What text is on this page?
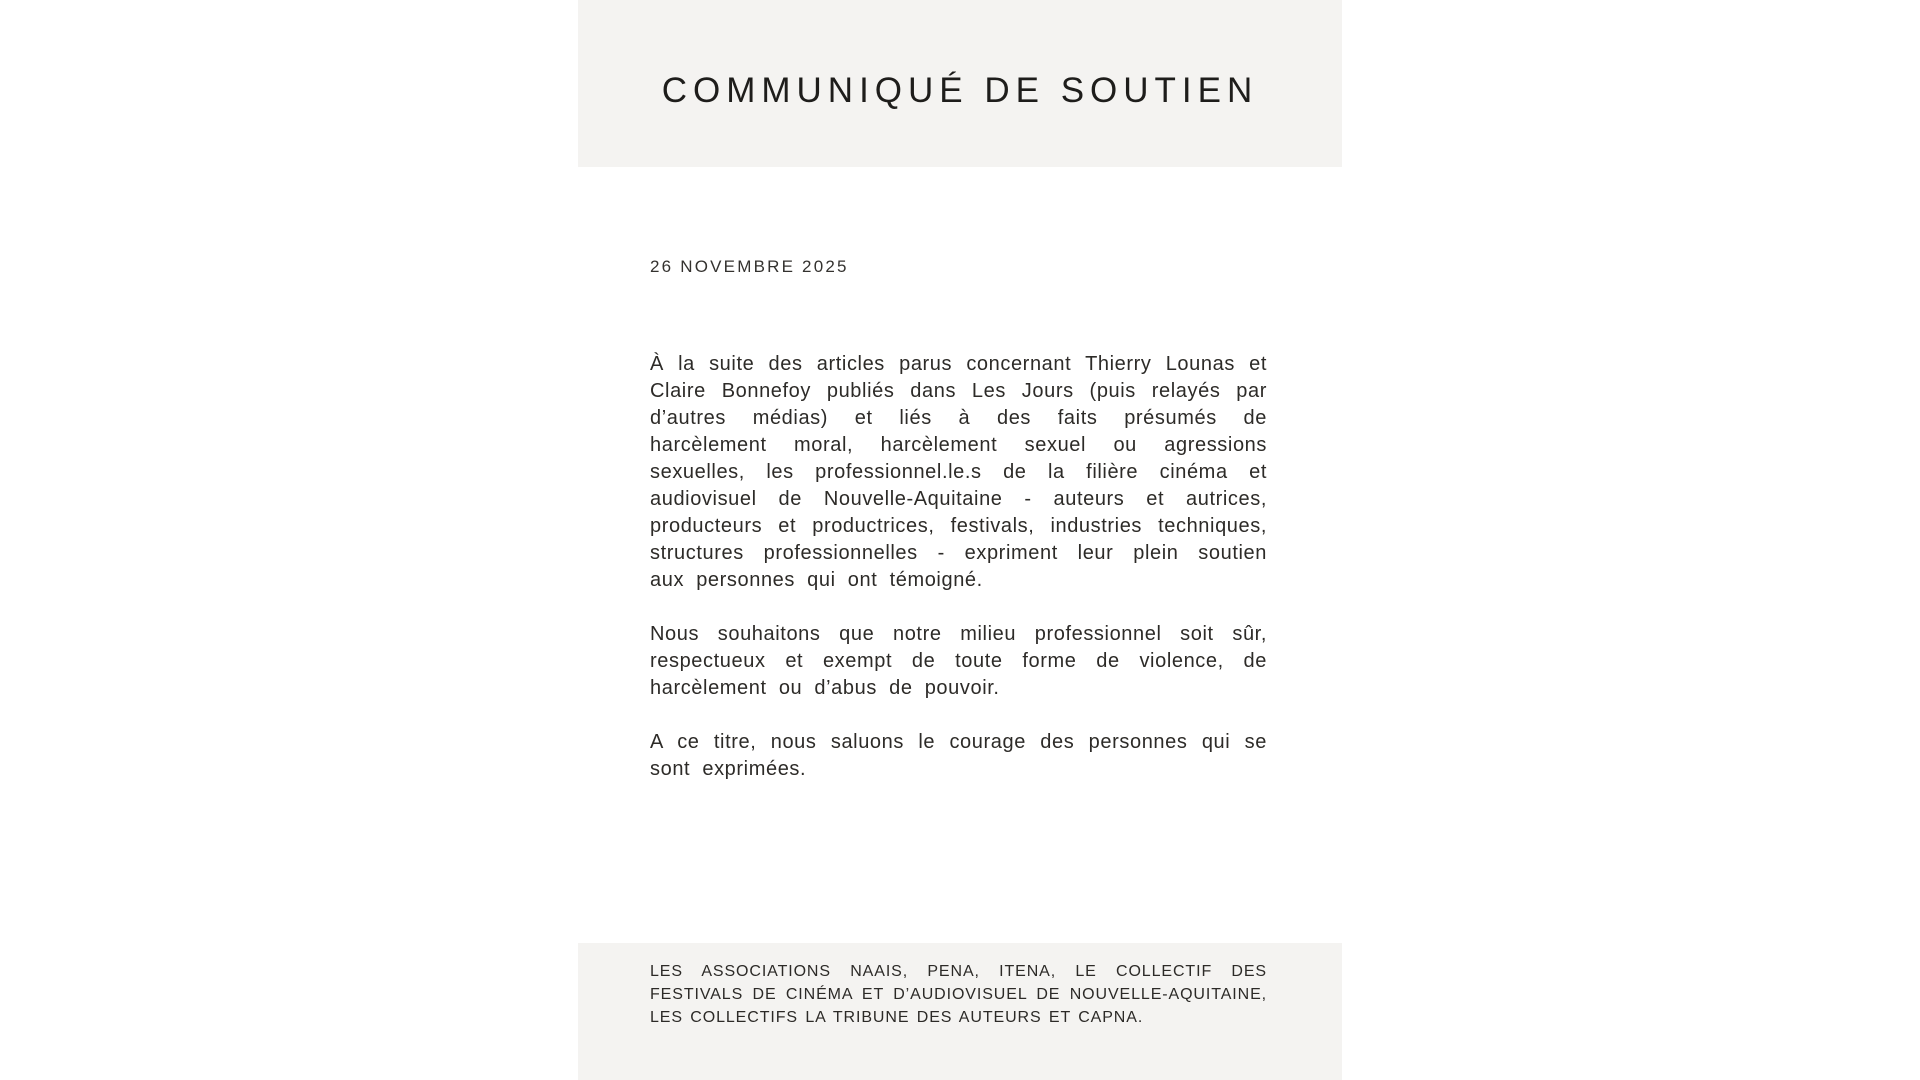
COMMUNIQUÉ DE SOUTIEN

26 NOVEMBRE 2025

À la suite des articles parus concernant Thierry Lounas et Claire Bonnefoy publiés dans Les Jours (puis relayés par d’autres médias) et liés à des faits présumés de harcèlement moral, harcèlement sexuel ou agressions sexuelles, les professionnel.le.s de la filière cinéma et audiovisuel de Nouvelle-Aquitaine - auteurs et autrices, producteurs et productrices, festivals, industries techniques, structures professionnelles - expriment leur plein soutien aux personnes qui ont témoigné.

Nous souhaitons que notre milieu professionnel soit sûr, respectueux et exempt de toute forme de violence, de harcèlement ou d’abus de pouvoir.

A ce titre, nous saluons le courage des personnes qui se sont exprimées.

LES ASSOCIATIONS NAAIS, PENA, ITENA, LE COLLECTIF DES FESTIVALS DE CINÉMA ET D’AUDIOVISUEL DE NOUVELLE-AQUITAINE, LES COLLECTIFS LA TRIBUNE DES AUTEURS ET CAPNA.
